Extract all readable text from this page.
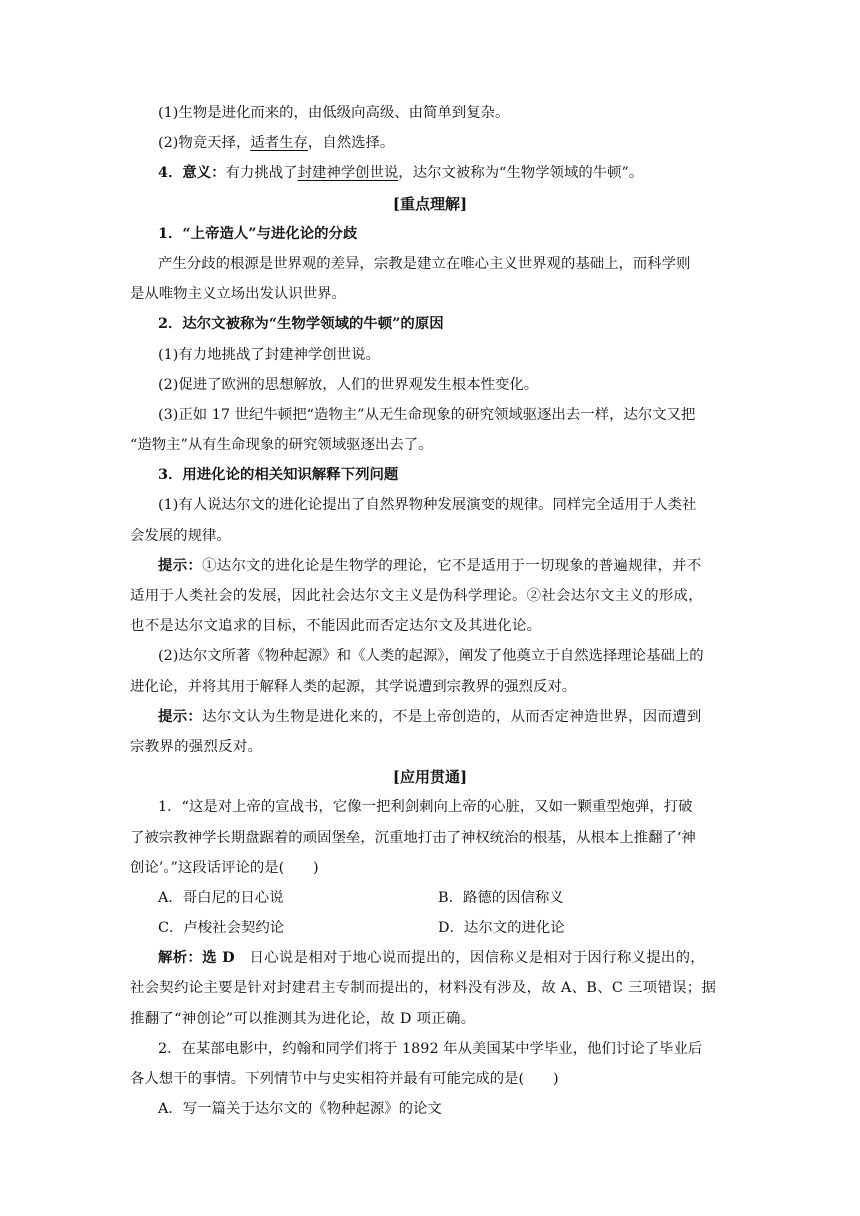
(1)生物是进化而来的，由低级向高级、由简单到复杂。
(2)物竞天择，适者生存，自然选择。
4．意义：有力挑战了封建神学创世说，达尔文被称为“生物学领域的牛顿”。
[重点理解]
1．“上帝造人”与进化论的分歧
产生分歧的根源是世界观的差异，宗教是建立在唯心主义世界观的基础上，而科学则
是从唯物主义立场出发认识世界。
2．达尔文被称为“生物学领域的牛顿”的原因
(1)有力地挑战了封建神学创世说。
(2)促进了欧洲的思想解放，人们的世界观发生根本性变化。
(3)正如 17 世纪牛顿把“造物主”从无生命现象的研究领域驱逐出去一样，达尔文又把
“造物主”从有生命现象的研究领域驱逐出去了。
3．用进化论的相关知识解释下列问题
(1)有人说达尔文的进化论提出了自然界物种发展演变的规律。同样完全适用于人类社
会发展的规律。
提示：①达尔文的进化论是生物学的理论，它不是适用于一切现象的普遍规律，并不
适用于人类社会的发展，因此社会达尔文主义是伪科学理论。②社会达尔文主义的形成，
也不是达尔文追求的目标，不能因此而否定达尔文及其进化论。
(2)达尔文所著《物种起源》和《人类的起源》，阐发了他奠立于自然选择理论基础上的
进化论，并将其用于解释人类的起源，其学说遭到宗教界的强烈反对。
提示：达尔文认为生物是进化来的，不是上帝创造的，从而否定神造世界，因而遭到
宗教界的强烈反对。
[应用贯通]
1．“这是对上帝的宣战书，它像一把利剑刺向上帝的心脏，又如一颗重型炮弹，打破
了被宗教神学长期盘踞着的顽固堡垒，沉重地打击了神权统治的根基，从根本上推翻了‘神
创论’。”这段话评论的是(　　)
A．哥白尼的日心说	B．路德的因信称义
C．卢梭社会契约论	D．达尔文的进化论
解析：选 D　日心说是相对于地心说而提出的，因信称义是相对于因行称义提出的，
社会契约论主要是针对封建君主专制而提出的，材料没有涉及，故 A、B、C 三项错误；据
推翻了“神创论”可以推测其为进化论，故 D 项正确。
2．在某部电影中，约翰和同学们将于 1892 年从美国某中学毕业，他们讨论了毕业后
各人想干的事情。下列情节中与史实相符并最有可能完成的是(　　)
A．写一篇关于达尔文的《物种起源》的论文
